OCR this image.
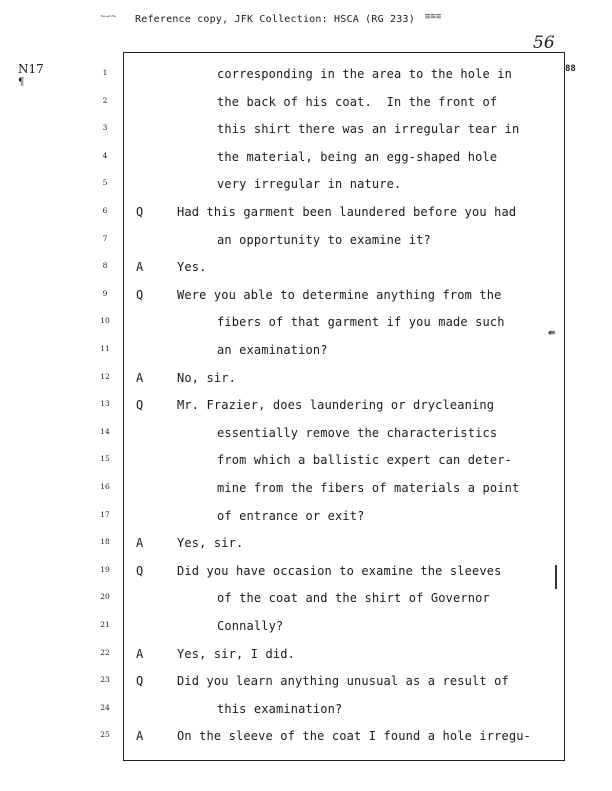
~∽~ Reference copy, JFK Collection: HSCA (RG 233) ≡≋≡
56
N17
¶
88
⇚
1	corresponding in the area to the hole in
2	the back of his coat.  In the front of
3	this shirt there was an irregular tear in
4	the material, being an egg-shaped hole
5	very irregular in nature.
6	Q	Had this garment been laundered before you had
7	an opportunity to examine it?
8	A	Yes.
9	Q	Were you able to determine anything from the
10	fibers of that garment if you made such
11	an examination?
12	A	No, sir.
13	Q	Mr. Frazier, does laundering or drycleaning
14	essentially remove the characteristics
15	from which a ballistic expert can deter-
16	mine from the fibers of materials a point
17	of entrance or exit?
18	A	Yes, sir.
19	Q	Did you have occasion to examine the sleeves
20	of the coat and the shirt of Governor
21	Connally?
22	A	Yes, sir, I did.
23	Q	Did you learn anything unusual as a result of
24	this examination?
25	A	On the sleeve of the coat I found a hole irregu-
